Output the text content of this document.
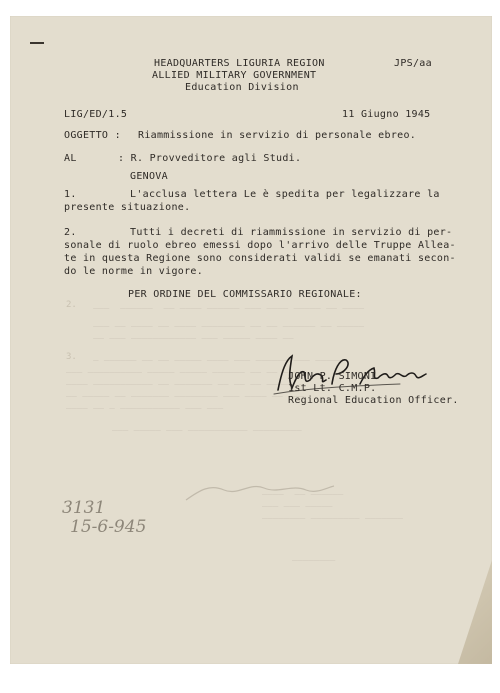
HEADQUARTERS LIGURIA REGION
ALLIED MILITARY GOVERNMENT
Education Division
JPS/aa
LIG/ED/1.5	11 Giugno 1945
OGGETTO : Riammissione in servizio di personale ebreo.
AL	: R. Provveditore agli Studi.
GENOVA
1.	L'acclusa lettera Le è spedita per legalizzare la
presente situazione.
2.	Tutti i decreti di riammissione in servizio di per-
sonale di ruolo ebreo emessi dopo l'arrivo delle Truppe Allea-
te in questa Regione sono considerati validi se emanati secon-
do le norme in vigore.
PER ORDINE DEL COMMISSARIO REGIONALE:
2.   ___  ______  __ ____ ______ ___ ____ _____ __ ____
___ __ ____ __ ____ ________ __ __ ______ __ _____
__ ___ ____________ ___ _____ ____ __
3.   _ ______ __ __ _____ ____ ___ ______ ___ _____
___ __________ _____ _____ ______ __ __ ___
____ ___________ __ _______ __ __ __ _____ _
__ _____ __ _______ ________ ___ ____ __ ___
____ __ _ ___________ ___ ___
___ _____ ___ ___________ _________
JOHN P. SIMONI
1st Lt. C.M.P.
Regional Education Officer.
____  __ ______
___ ___ _____
________ _________ _______
________
3131
15-6-945
